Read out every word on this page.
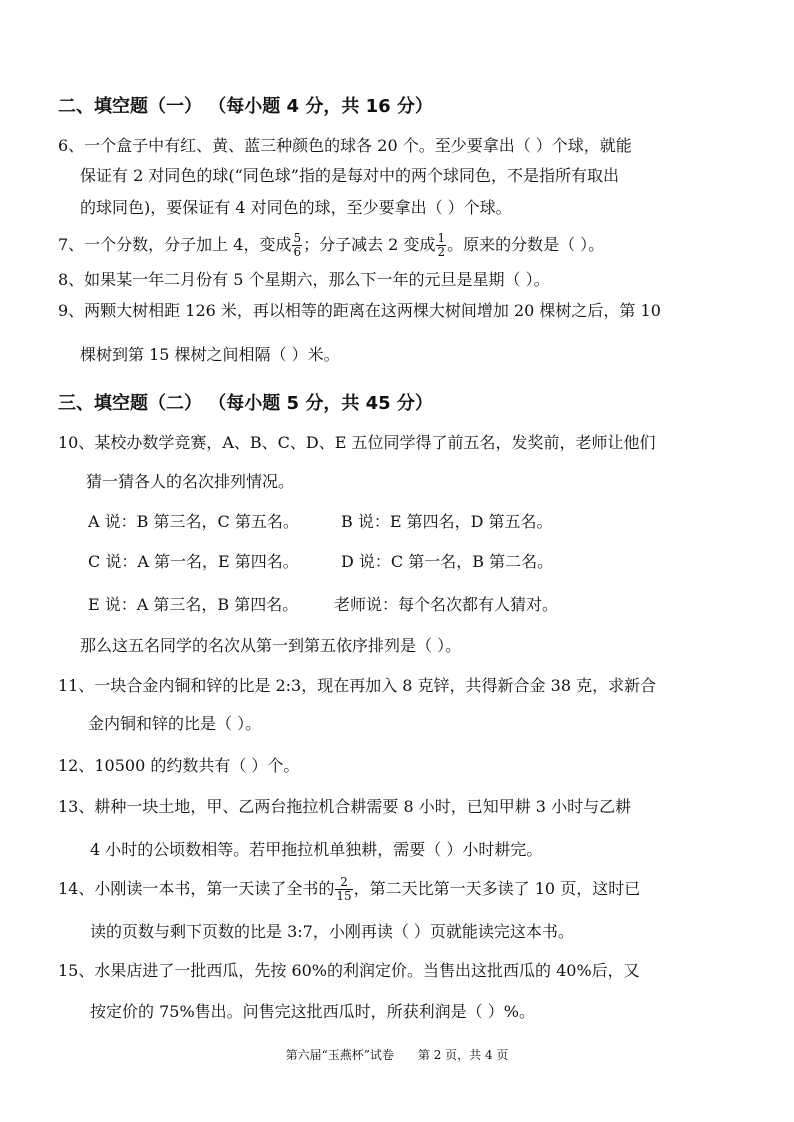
二、填空题（一） （每小题 4 分，共 16 分）
6、一个盒子中有红、黄、蓝三种颜色的球各 20 个。至少要拿出（ ）个球，就能
保证有 2 对同色的球(“同色球”指的是每对中的两个球同色，不是指所有取出
的球同色)，要保证有 4 对同色的球，至少要拿出（ ）个球。
7、一个分数，分子加上 4，变成 $\frac{5}{6}$ ；分子减去 2 变成 $\frac{1}{2}$ 。原来的分数是（ ）。
8、如果某一年二月份有 5 个星期六，那么下一年的元旦是星期（ ）。
9、两颗大树相距 126 米，再以相等的距离在这两棵大树间增加 20 棵树之后，第 10
棵树到第 15 棵树之间相隔（ ）米。
三、填空题（二） （每小题 5 分，共 45 分）
10、某校办数学竞赛，A、B、C、D、E 五位同学得了前五名，发奖前，老师让他们
猜一猜各人的名次排列情况。
A 说：B 第三名，C 第五名。	B 说：E 第四名，D 第五名。
C 说：A 第一名，E 第四名。	D 说：C 第一名，B 第二名。
E 说：A 第三名，B 第四名。 老师说：每个名次都有人猜对。
那么这五名同学的名次从第一到第五依序排列是（ ）。
11、一块合金内铜和锌的比是 2:3，现在再加入 8 克锌，共得新合金 38 克，求新合
金内铜和锌的比是（ ）。
12、10500 的约数共有（ ）个。
13、耕种一块土地，甲、乙两台拖拉机合耕需要 8 小时，已知甲耕 3 小时与乙耕
4 小时的公顷数相等。若甲拖拉机单独耕，需要（ ）小时耕完。
14、小刚读一本书，第一天读了全书的 $\frac{2}{15}$ ，第二天比第一天多读了 10 页，这时已
读的页数与剩下页数的比是 3:7，小刚再读（ ）页就能读完这本书。
15、水果店进了一批西瓜，先按 60%的利润定价。当售出这批西瓜的 40%后，又
按定价的 75%售出。问售完这批西瓜时，所获利润是（ ）%。
第六届“玉燕杯”试卷 第 2 页，共 4 页
